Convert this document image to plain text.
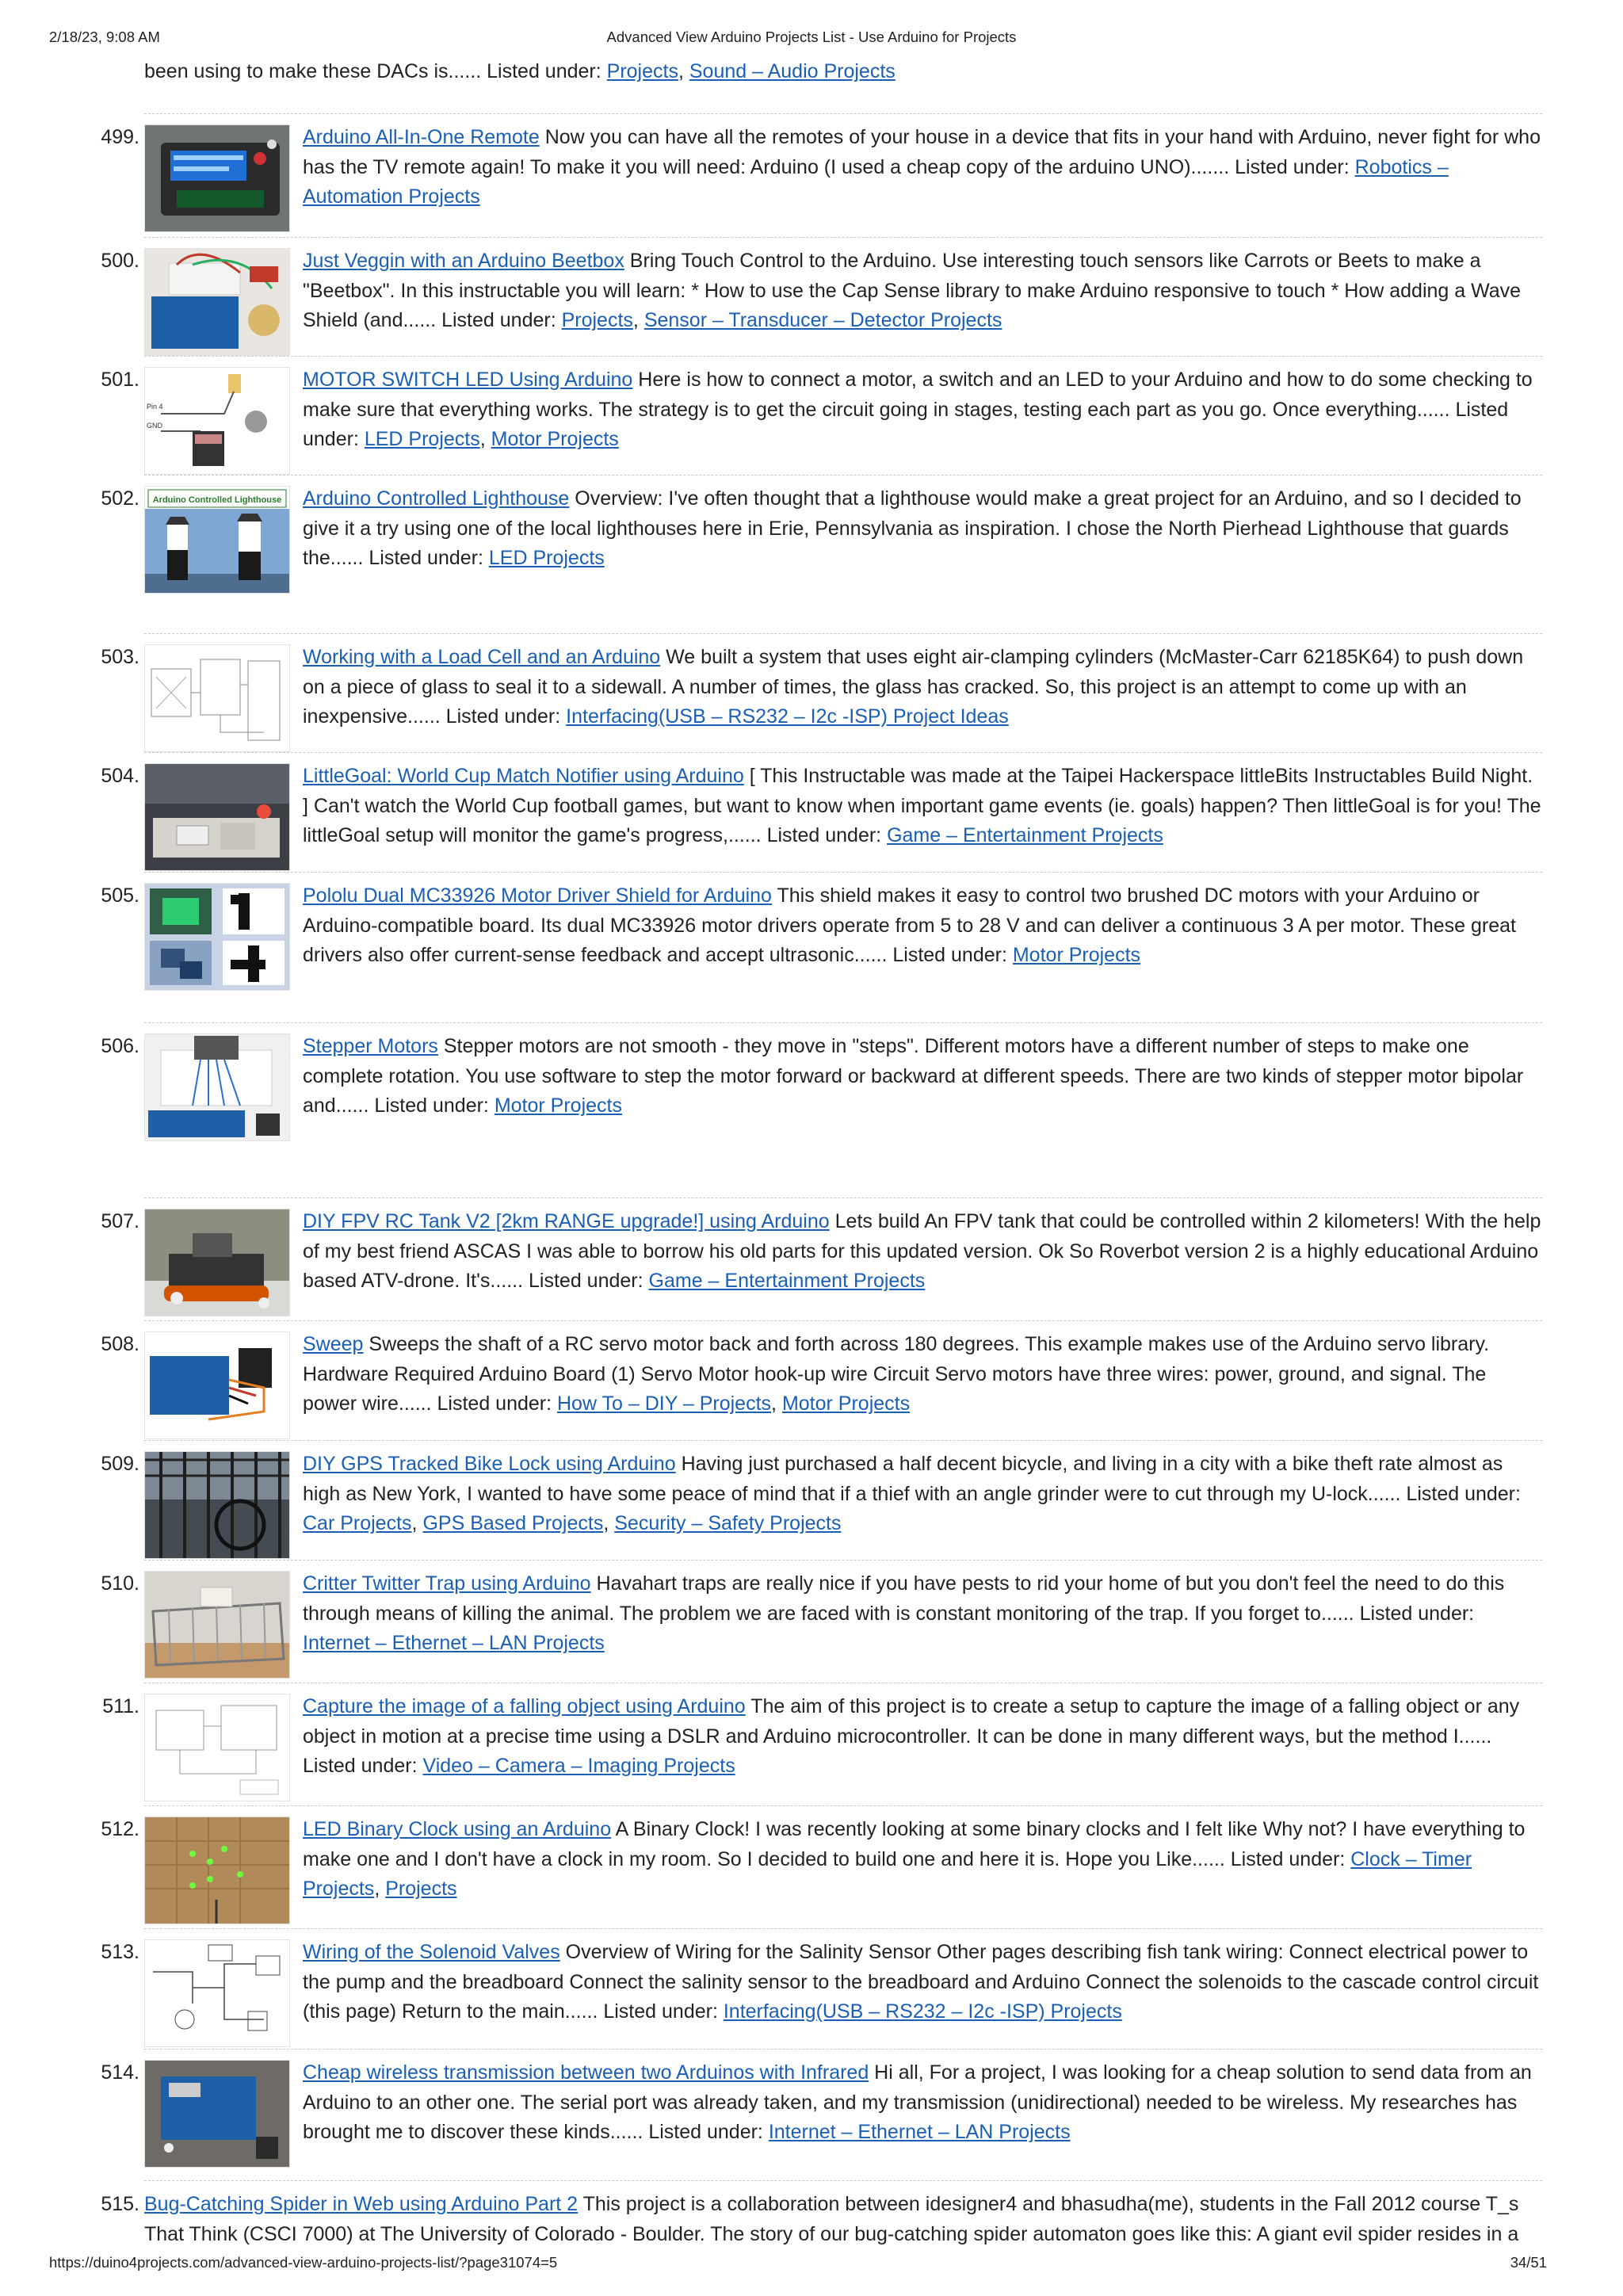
2/18/23, 9:08 AM	Advanced View Arduino Projects List - Use Arduino for Projects
been using to make these DACs is...... Listed under: Projects, Sound – Audio Projects
499.	Arduino All-In-One Remote Now you can have all the remotes of your house in a device that fits in your hand with Arduino, never fight for who has the TV remote again! To make it you will need: Arduino (I used a cheap copy of the arduino UNO)....... Listed under: Robotics – Automation Projects
500.	Just Veggin with an Arduino Beetbox Bring Touch Control to the Arduino. Use interesting touch sensors like Carrots or Beets to make a "Beetbox". In this instructable you will learn: * How to use the Cap Sense library to make Arduino responsive to touch * How adding a Wave Shield (and...... Listed under: Projects, Sensor – Transducer – Detector Projects
501.
Pin 4
GND
MOTOR SWITCH LED Using Arduino Here is how to connect a motor, a switch and an LED to your Arduino and how to do some checking to make sure that everything works. The strategy is to get the circuit going in stages, testing each part as you go. Once everything...... Listed under: LED Projects, Motor Projects
502. Arduino Controlled Lighthouse Arduino Controlled Lighthouse Overview: I've often thought that a lighthouse would make a great project for an Arduino, and so I decided to give it a try using one of the local lighthouses here in Erie, Pennsylvania as inspiration. I chose the North Pierhead Lighthouse that guards the...... Listed under: LED Projects
503.	Working with a Load Cell and an Arduino We built a system that uses eight air-clamping cylinders (McMaster-Carr 62185K64) to push down on a piece of glass to seal it to a sidewall. A number of times, the glass has cracked. So, this project is an attempt to come up with an inexpensive...... Listed under: Interfacing(USB – RS232 – I2c -ISP) Project Ideas
504.	LittleGoal: World Cup Match Notifier using Arduino [ This Instructable was made at the Taipei Hackerspace littleBits Instructables Build Night. ] Can't watch the World Cup football games, but want to know when important game events (ie. goals) happen? Then littleGoal is for you! The littleGoal setup will monitor the game's progress,...... Listed under: Game – Entertainment Projects
505.	Pololu Dual MC33926 Motor Driver Shield for Arduino This shield makes it easy to control two brushed DC motors with your Arduino or Arduino-compatible board. Its dual MC33926 motor drivers operate from 5 to 28 V and can deliver a continuous 3 A per motor. These great drivers also offer current-sense feedback and accept ultrasonic...... Listed under: Motor Projects
506.	Stepper Motors Stepper motors are not smooth - they move in "steps". Different motors have a different number of steps to make one complete rotation. You use software to step the motor forward or backward at different speeds. There are two kinds of stepper motor bipolar and...... Listed under: Motor Projects
507.	DIY FPV RC Tank V2 [2km RANGE upgrade!] using Arduino Lets build An FPV tank that could be controlled within 2 kilometers! With the help of my best friend ASCAS I was able to borrow his old parts for this updated version. Ok So Roverbot version 2 is a highly educational Arduino based ATV-drone. It's...... Listed under: Game – Entertainment Projects
508.	Sweep Sweeps the shaft of a RC servo motor back and forth across 180 degrees. This example makes use of the Arduino servo library. Hardware Required Arduino Board (1) Servo Motor hook-up wire Circuit Servo motors have three wires: power, ground, and signal. The power wire...... Listed under: How To – DIY – Projects, Motor Projects
509.	DIY GPS Tracked Bike Lock using Arduino Having just purchased a half decent bicycle, and living in a city with a bike theft rate almost as high as New York, I wanted to have some peace of mind that if a thief with an angle grinder were to cut through my U-lock...... Listed under: Car Projects, GPS Based Projects, Security – Safety Projects
510.	Critter Twitter Trap using Arduino Havahart traps are really nice if you have pests to rid your home of but you don't feel the need to do this through means of killing the animal. The problem we are faced with is constant monitoring of the trap. If you forget to...... Listed under: Internet – Ethernet – LAN Projects
511.	Capture the image of a falling object using Arduino The aim of this project is to create a setup to capture the image of a falling object or any object in motion at a precise time using a DSLR and Arduino microcontroller. It can be done in many different ways, but the method I...... Listed under: Video – Camera – Imaging Projects
512.	LED Binary Clock using an Arduino A Binary Clock! I was recently looking at some binary clocks and I felt like Why not? I have everything to make one and I don't have a clock in my room. So I decided to build one and here it is. Hope you Like...... Listed under: Clock – Timer Projects, Projects
513.	Wiring of the Solenoid Valves Overview of Wiring for the Salinity Sensor Other pages describing fish tank wiring: Connect electrical power to the pump and the breadboard Connect the salinity sensor to the breadboard and Arduino Connect the solenoids to the cascade control circuit (this page) Return to the main...... Listed under: Interfacing(USB – RS232 – I2c -ISP) Projects
514.	Cheap wireless transmission between two Arduinos with Infrared Hi all, For a project, I was looking for a cheap solution to send data from an Arduino to an other one. The serial port was already taken, and my transmission (unidirectional) needed to be wireless. My researches has brought me to discover these kinds...... Listed under: Internet – Ethernet – LAN Projects
515. Bug-Catching Spider in Web using Arduino Part 2 This project is a collaboration between idesigner4 and bhasudha(me), students in the Fall 2012 course T_s That Think (CSCI 7000) at The University of Colorado - Boulder. The story of our bug-catching spider automaton goes like this: A giant evil spider resides in a
https://duino4projects.com/advanced-view-arduino-projects-list/?page31074=5	34/51
